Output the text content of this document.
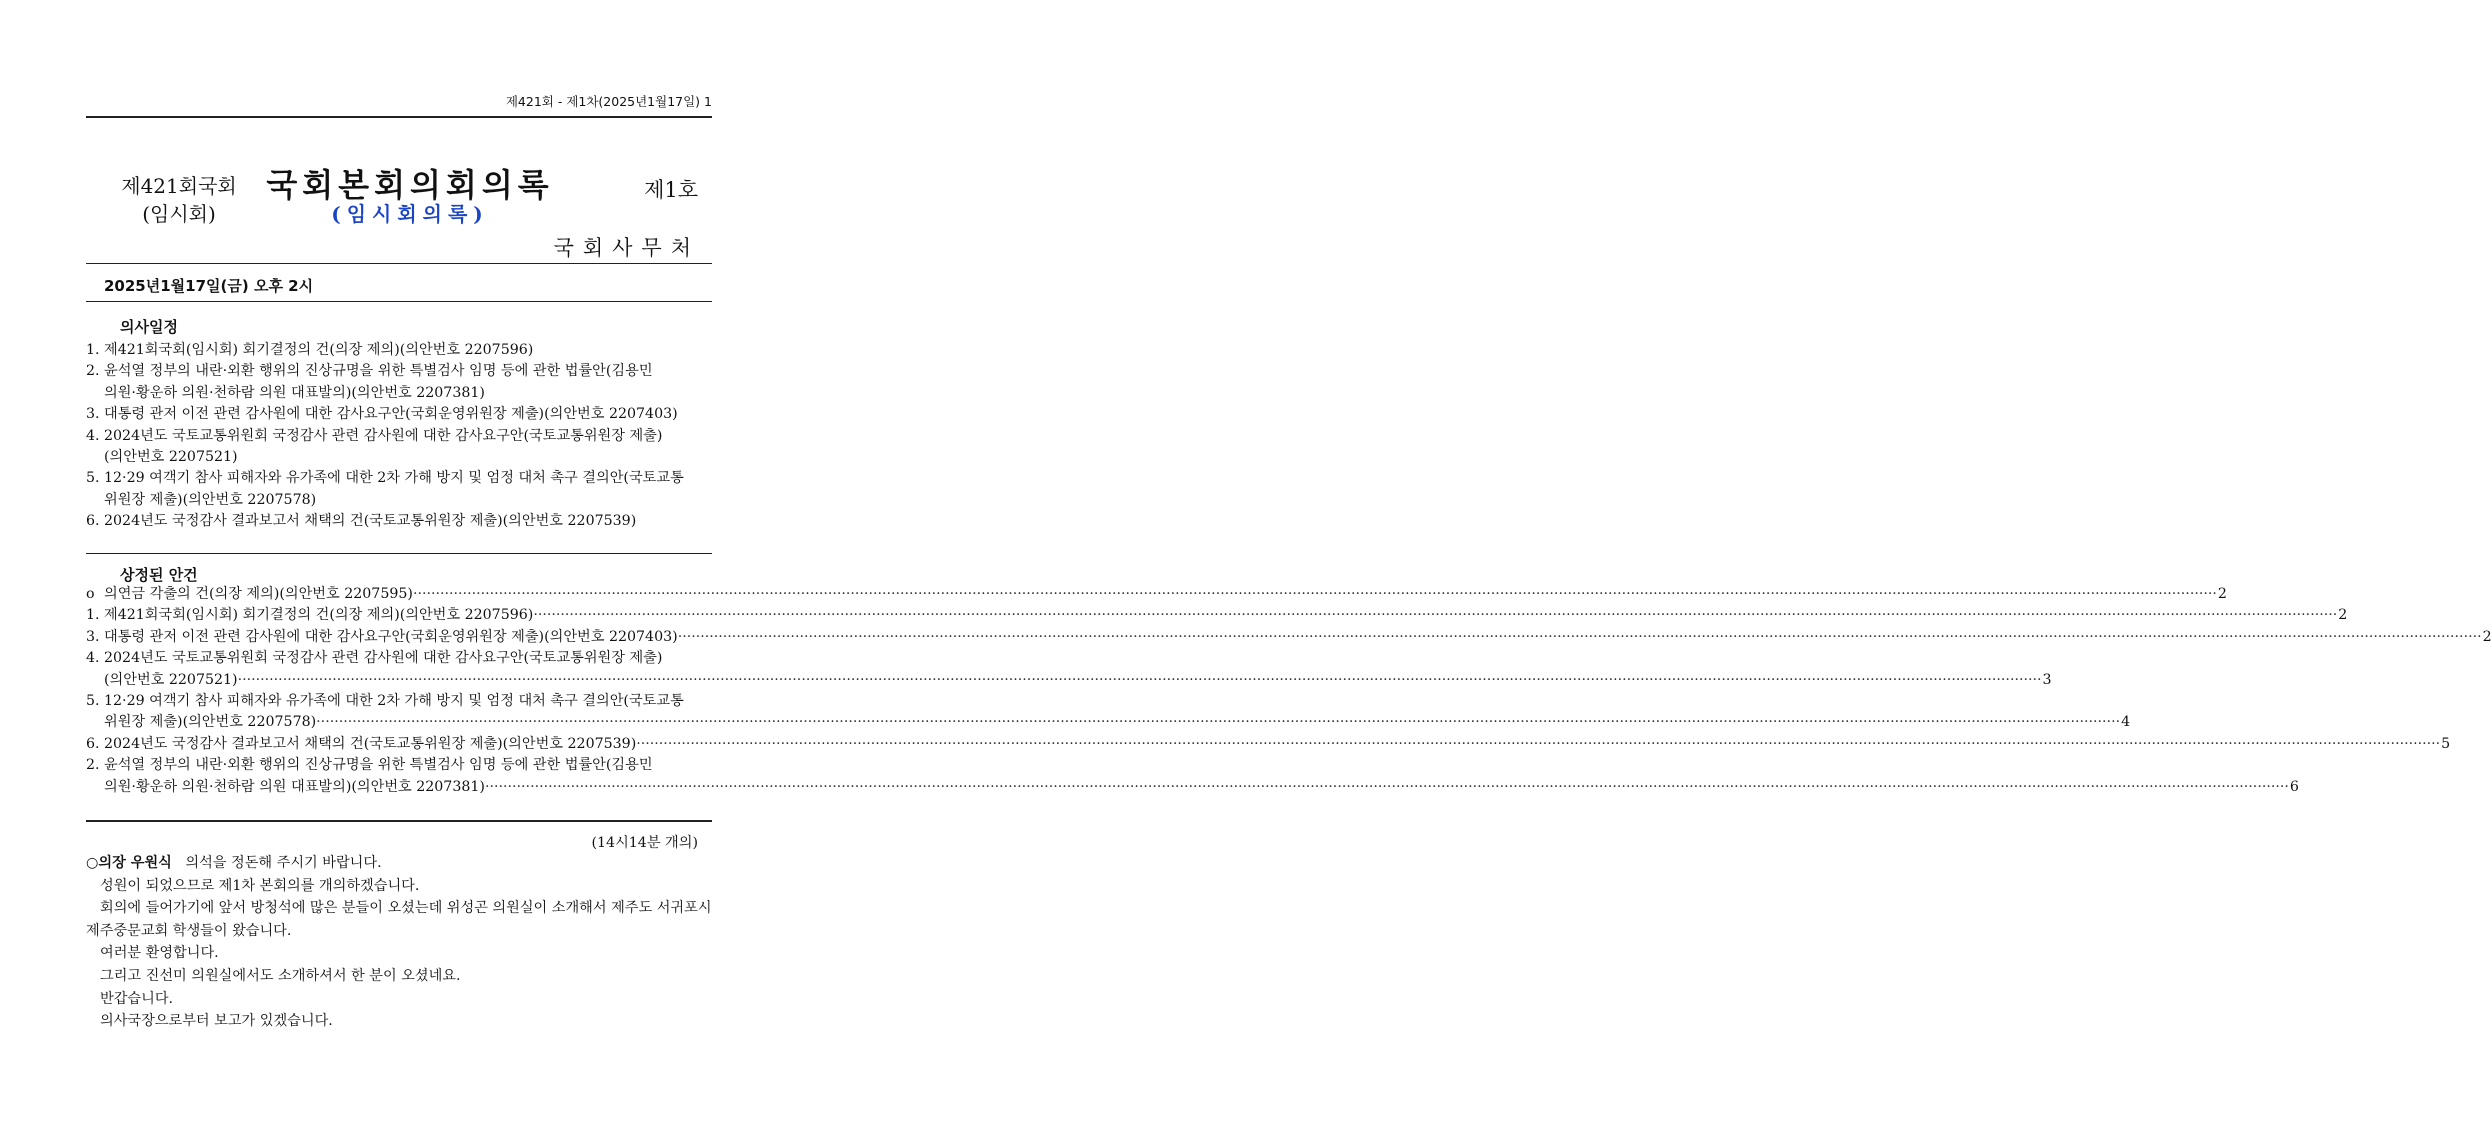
제421회 - 제1차(2025년1월17일) 1
제421회국회
(임시회)
국회본회의회의록
(임시회의록)
제1호
국회사무처
2025년1월17일(금) 오후 2시
의사일정
1. 제421회국회(임시회) 회기결정의 건(의장 제의)(의안번호 2207596)
2. 윤석열 정부의 내란·외환 행위의 진상규명을 위한 특별검사 임명 등에 관한 법률안(김용민
의원·황운하 의원·천하람 의원 대표발의)(의안번호 2207381)
3. 대통령 관저 이전 관련 감사원에 대한 감사요구안(국회운영위원장 제출)(의안번호 2207403)
4. 2024년도 국토교통위원회 국정감사 관련 감사원에 대한 감사요구안(국토교통위원장 제출)
(의안번호 2207521)
5. 12·29 여객기 참사 피해자와 유가족에 대한 2차 가해 방지 및 엄정 대처 촉구 결의안(국토교통
위원장 제출)(의안번호 2207578)
6. 2024년도 국정감사 결과보고서 채택의 건(국토교통위원장 제출)(의안번호 2207539)
상정된 안건
o 의연금 각출의 건(의장 제의)(의안번호 2207595) ················································································································································································································································································································································································································ 2
1. 제421회국회(임시회) 회기결정의 건(의장 제의)(의안번호 2207596) ················································································································································································································································································································································································································ 2
3. 대통령 관저 이전 관련 감사원에 대한 감사요구안(국회운영위원장 제출)(의안번호 2207403) ················································································································································································································································································································································································································ 2
4. 2024년도 국토교통위원회 국정감사 관련 감사원에 대한 감사요구안(국토교통위원장 제출)
(의안번호 2207521) ················································································································································································································································································································································································································ 3
5. 12·29 여객기 참사 피해자와 유가족에 대한 2차 가해 방지 및 엄정 대처 촉구 결의안(국토교통
위원장 제출)(의안번호 2207578) ················································································································································································································································································································································································································ 4
6. 2024년도 국정감사 결과보고서 채택의 건(국토교통위원장 제출)(의안번호 2207539) ················································································································································································································································································································································································································ 5
2. 윤석열 정부의 내란·외환 행위의 진상규명을 위한 특별검사 임명 등에 관한 법률안(김용민
의원·황운하 의원·천하람 의원 대표발의)(의안번호 2207381) ················································································································································································································································································································································································································ 6
(14시14분 개의)
○의장 우원식 의석을 정돈해 주시기 바랍니다.
성원이 되었으므로 제1차 본회의를 개의하겠습니다.
회의에 들어가기에 앞서 방청석에 많은 분들이 오셨는데 위성곤 의원실이 소개해서 제주도 서귀포시 제주중문교회 학생들이 왔습니다.
여러분 환영합니다.
그리고 진선미 의원실에서도 소개하셔서 한 분이 오셨네요.
반갑습니다.
의사국장으로부터 보고가 있겠습니다.
